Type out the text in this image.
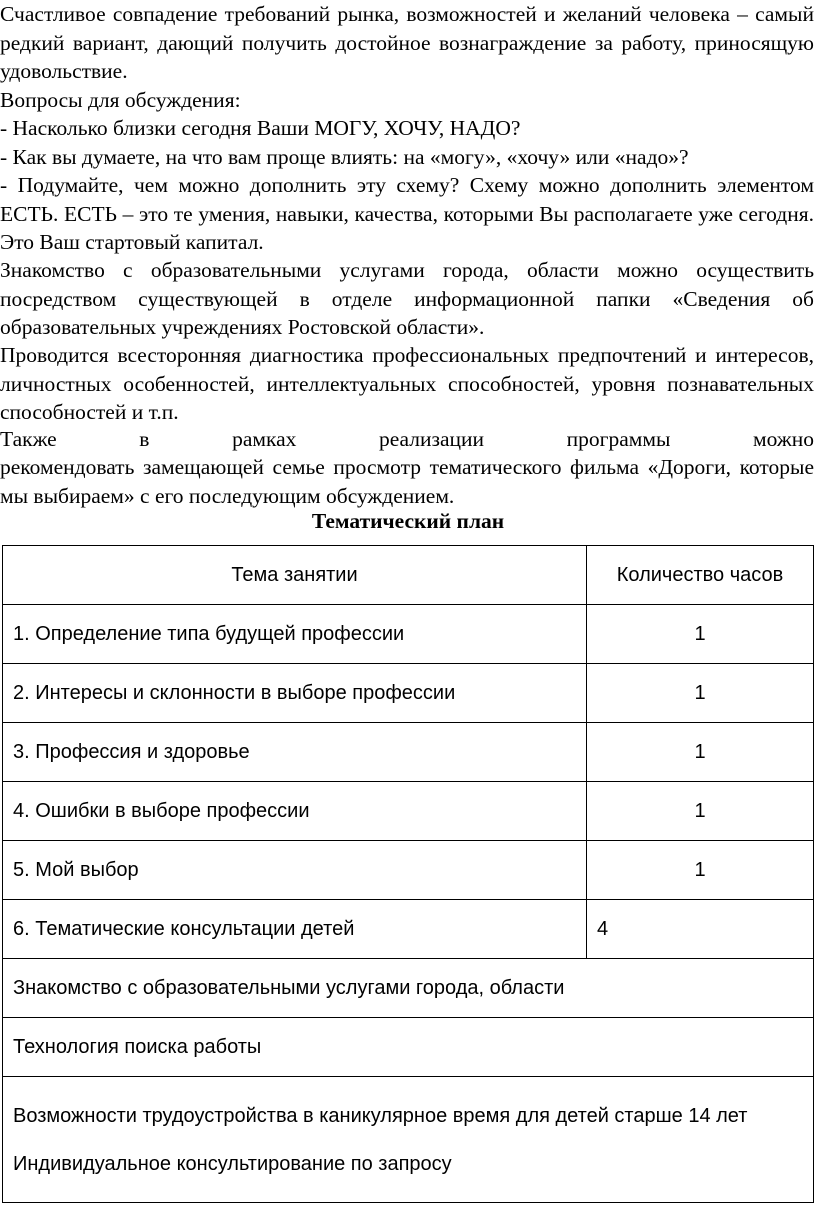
Счастливое совпадение требований рынка, возможностей и желаний человека – самый редкий вариант, дающий получить достойное вознаграждение за работу, приносящую удовольствие.

Вопросы для обсуждения:

- Насколько близки сегодня Ваши МОГУ, ХОЧУ, НАДО?

- Как вы думаете, на что вам проще влиять: на «могу», «хочу» или «надо»?

- Подумайте, чем можно дополнить эту схему? Схему можно дополнить элементом ЕСТЬ. ЕСТЬ – это те умения, навыки, качества, которыми Вы располагаете уже сегодня. Это Ваш стартовый капитал.

Знакомство с образовательными услугами города, области можно осуществить посредством существующей в отделе информационной папки «Сведения об образовательных учреждениях Ростовской области».

Проводится всесторонняя диагностика профессиональных предпочтений и интересов, личностных особенностей, интеллектуальных способностей, уровня познавательных способностей и т.п.

Также в рамках реализации программы можно

рекомендовать замещающей семье просмотр тематического фильма «Дороги, которые мы выбираем» с его последующим обсуждением.

Тематический план
Тема занятии	Количество часов
1. Определение типа будущей профессии	1
2. Интересы и склонности в выборе профессии	1
3. Профессия и здоровье	1
4. Ошибки в выборе профессии	1
5. Мой выбор	1
6. Тематические консультации детей	4
Знакомство с образовательными услугами города, области	
Технология поиска работы	
Возможности трудоустройства в каникулярное время для детей старше 14 лет
Индивидуальное консультирование по запросу	
